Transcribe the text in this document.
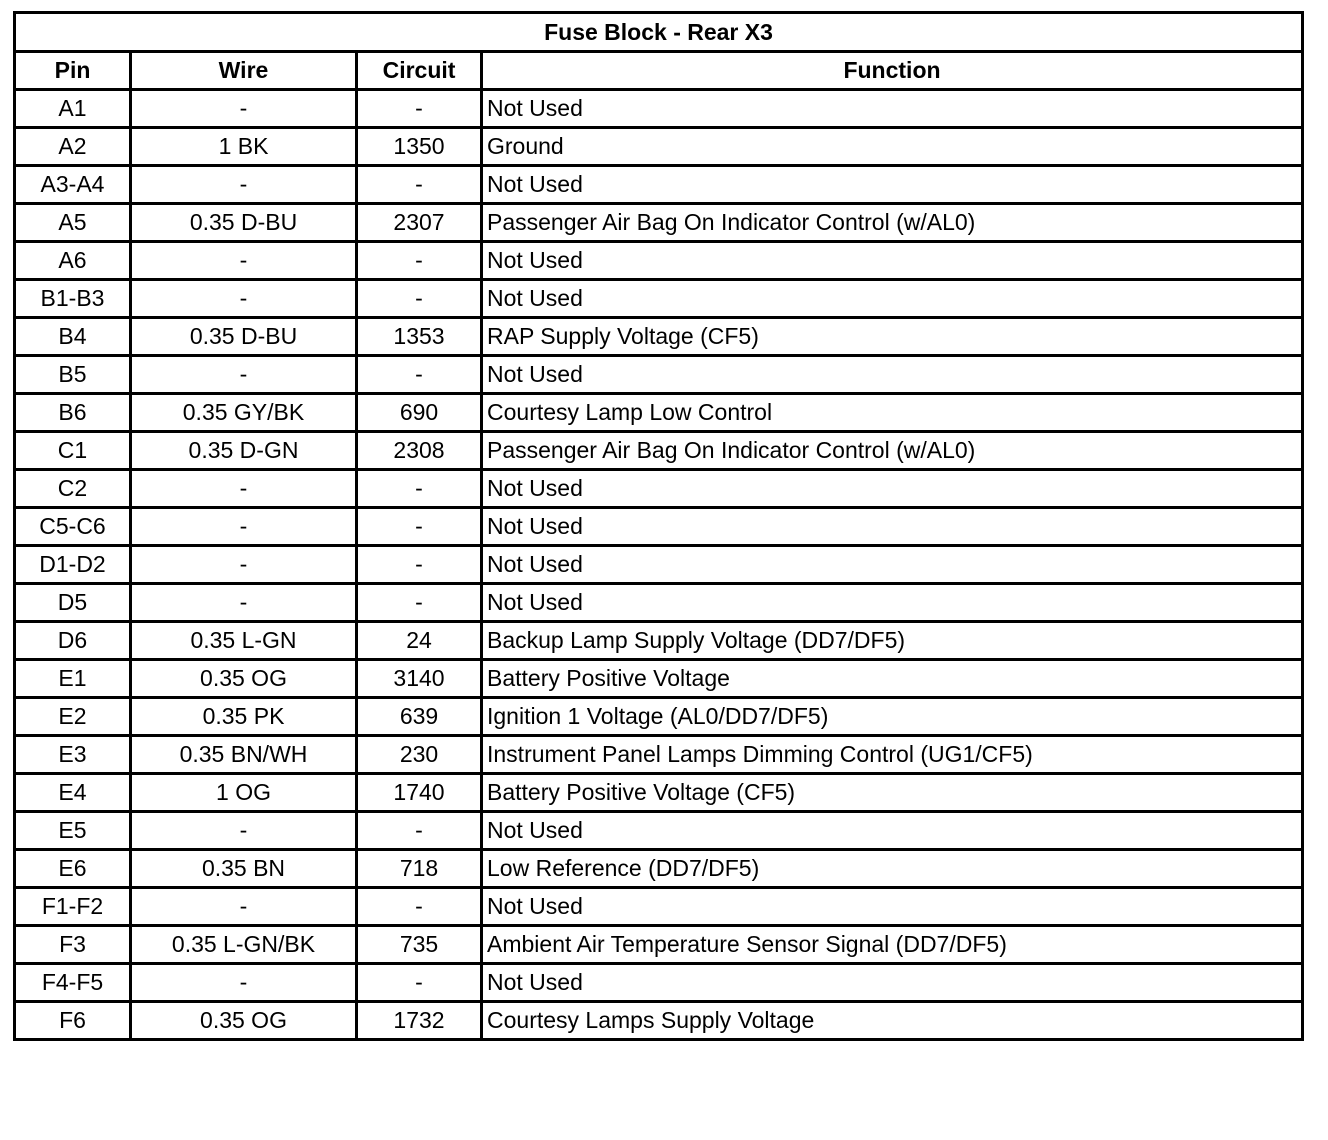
Fuse Block - Rear X3			
Pin	Wire	Circuit	Function
A1	-	-	Not Used
A2	1 BK	1350	Ground
A3-A4	-	-	Not Used
A5	0.35 D-BU	2307	Passenger Air Bag On Indicator Control (w/AL0)
A6	-	-	Not Used
B1-B3	-	-	Not Used
B4	0.35 D-BU	1353	RAP Supply Voltage (CF5)
B5	-	-	Not Used
B6	0.35 GY/BK	690	Courtesy Lamp Low Control
C1	0.35 D-GN	2308	Passenger Air Bag On Indicator Control (w/AL0)
C2	-	-	Not Used
C5-C6	-	-	Not Used
D1-D2	-	-	Not Used
D5	-	-	Not Used
D6	0.35 L-GN	24	Backup Lamp Supply Voltage (DD7/DF5)
E1	0.35 OG	3140	Battery Positive Voltage
E2	0.35 PK	639	Ignition 1 Voltage (AL0/DD7/DF5)
E3	0.35 BN/WH	230	Instrument Panel Lamps Dimming Control (UG1/CF5)
E4	1 OG	1740	Battery Positive Voltage (CF5)
E5	-	-	Not Used
E6	0.35 BN	718	Low Reference (DD7/DF5)
F1-F2	-	-	Not Used
F3	0.35 L-GN/BK	735	Ambient Air Temperature Sensor Signal (DD7/DF5)
F4-F5	-	-	Not Used
F6	0.35 OG	1732	Courtesy Lamps Supply Voltage
